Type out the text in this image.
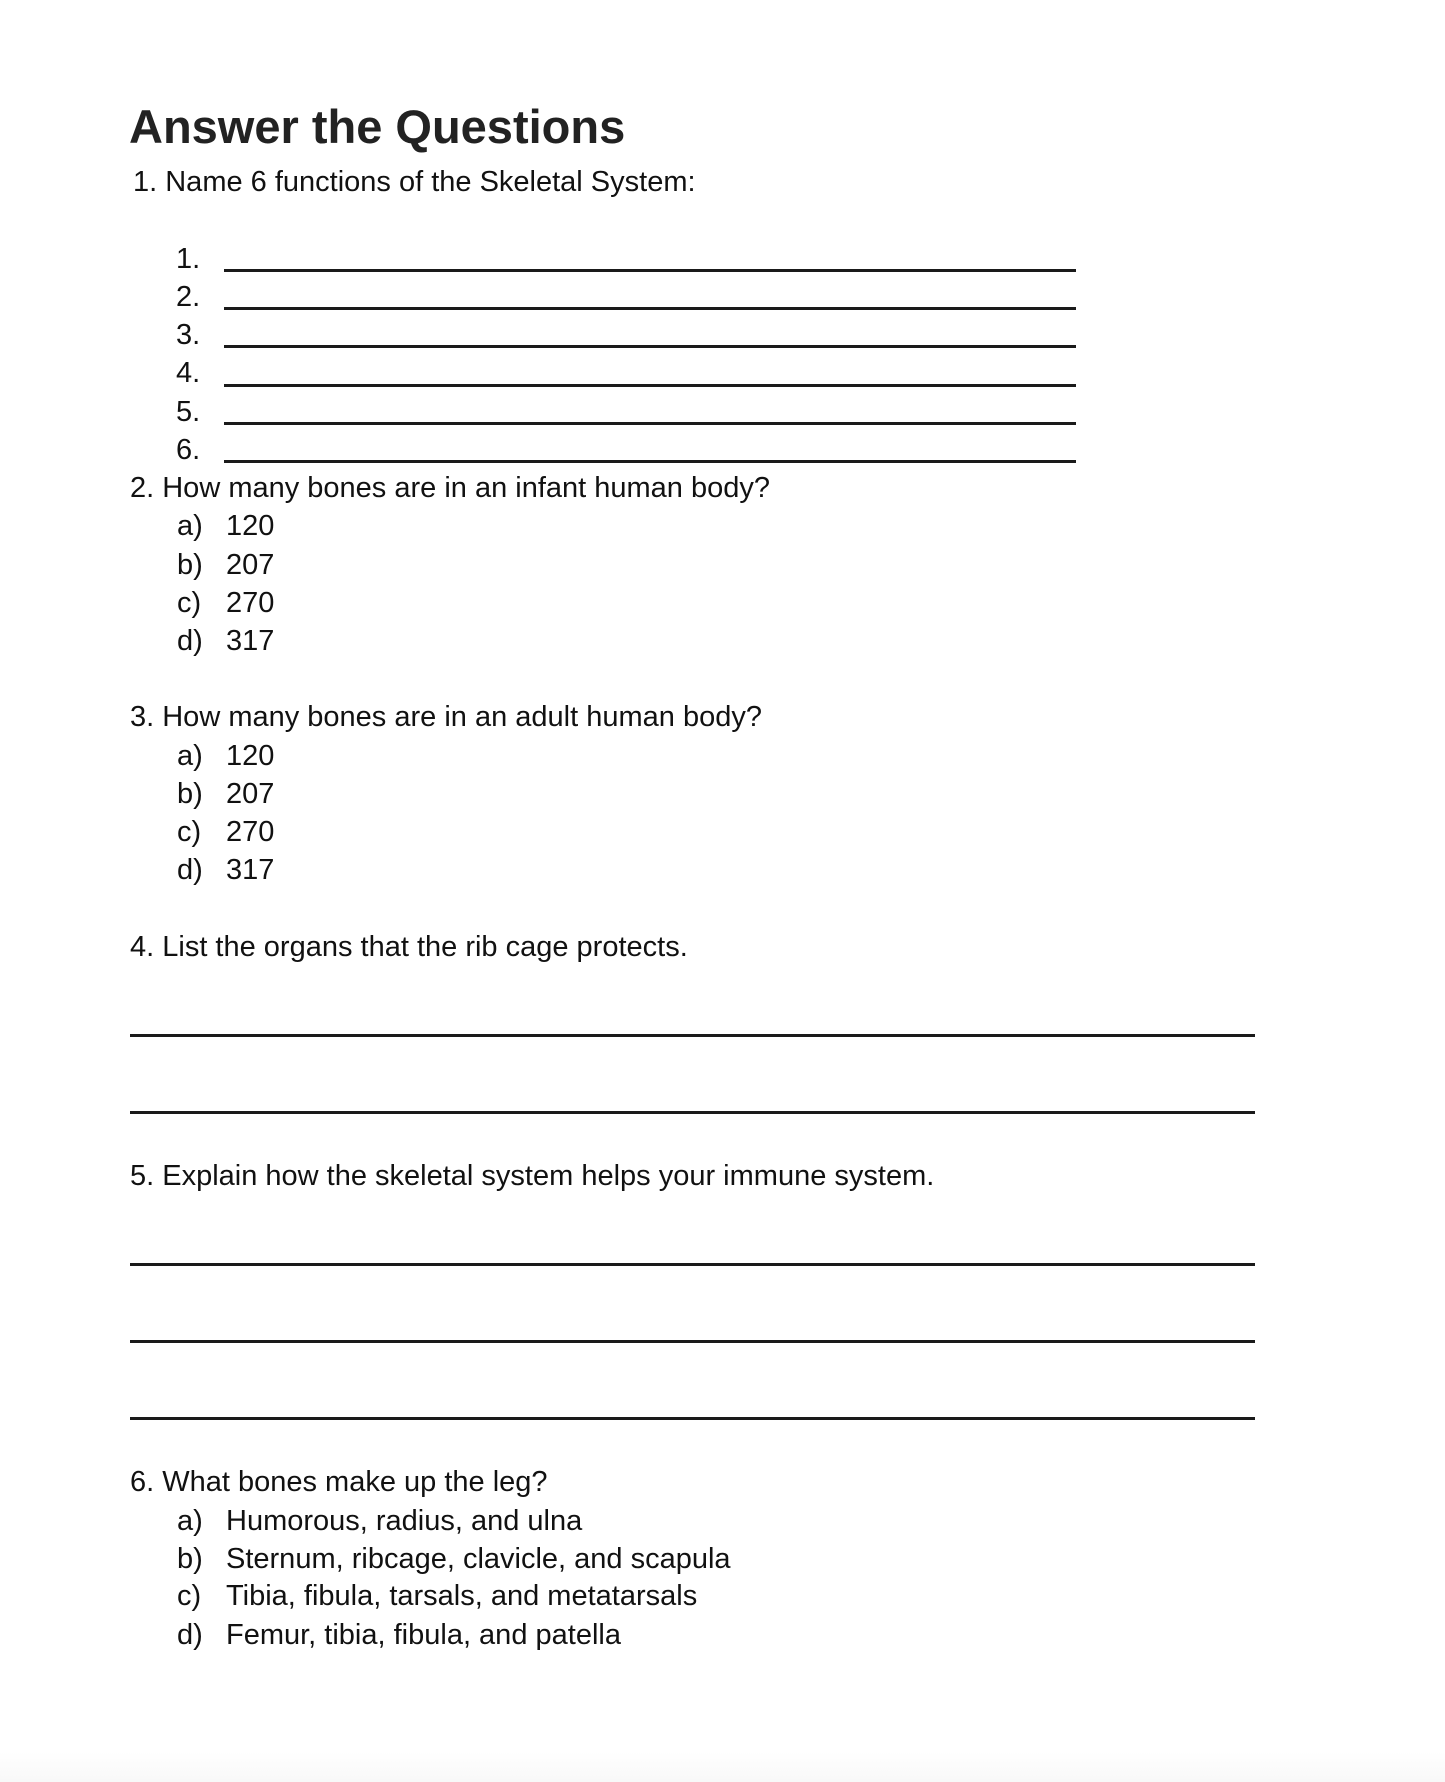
Answer the Questions
1. Name 6 functions of the Skeletal System:
1.
2.
3.
4.
5.
6.
2. How many bones are in an infant human body?
a) 120
b) 207
c) 270
d) 317
3. How many bones are in an adult human body?
a) 120
b) 207
c) 270
d) 317
4. List the organs that the rib cage protects.
5. Explain how the skeletal system helps your immune system.
6. What bones make up the leg?
a) Humorous, radius, and ulna
b) Sternum, ribcage, clavicle, and scapula
c) Tibia, fibula, tarsals, and metatarsals
d) Femur, tibia, fibula, and patella
